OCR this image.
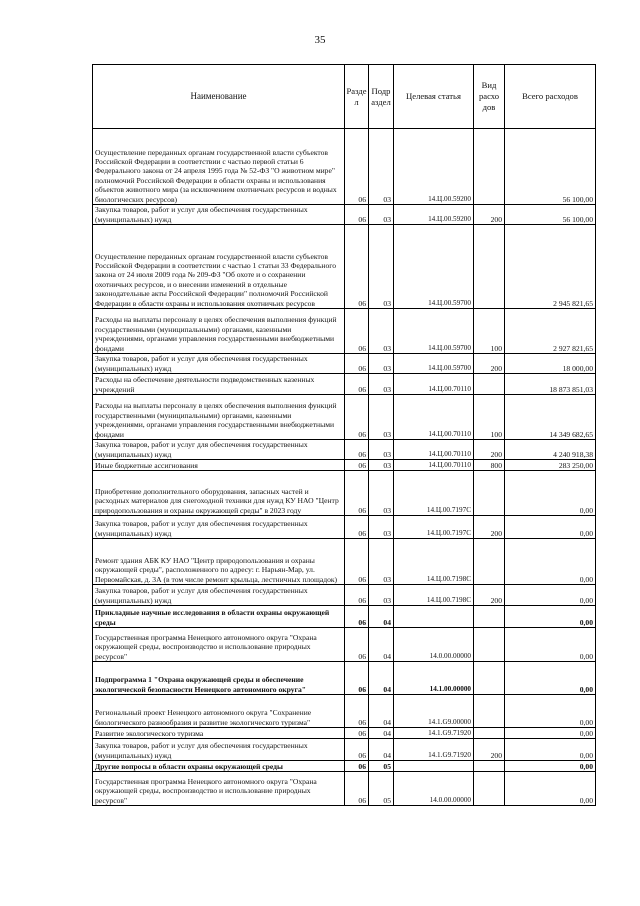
35
Наименование	Разде л	Подр аздел	Целевая статья	Вид расхо дов	Всего расходов
Осуществление переданных органам государственной власти субъектов Российской Федерации в соответствии с частью первой статьи 6 Федерального закона от 24 апреля 1995 года № 52-ФЗ "О животном мире" полномочий Российской Федерации в области охраны и использования объектов животного мира (за исключением охотничьих ресурсов и водных биологических ресурсов)	06	03	14.Ц.00.59200		56 100,00
Закупка товаров, работ и услуг для обеспечения государственных (муниципальных) нужд	06	03	14.Ц.00.59200	200	56 100,00
Осуществление переданных органам государственной власти субъектов Российской Федерации в соответствии с частью 1 статьи 33 Федерального закона от 24 июля 2009 года № 209-ФЗ "Об охоте и о сохранении охотничьих ресурсов, и о внесении изменений в отдельные законодательные акты Российской Федерации" полномочий Российской Федерации в области охраны и использования охотничьих ресурсов	06	03	14.Ц.00.59700		2 945 821,65
Расходы на выплаты персоналу в целях обеспечения выполнения функций государственными (муниципальными) органами, казенными учреждениями, органами управления государственными внебюджетными фондами	06	03	14.Ц.00.59700	100	2 927 821,65
Закупка товаров, работ и услуг для обеспечения государственных (муниципальных) нужд	06	03	14.Ц.00.59700	200	18 000,00
Расходы на обеспечение деятельности подведомственных казенных учреждений	06	03	14.Ц.00.70110		18 873 851,03
Расходы на выплаты персоналу в целях обеспечения выполнения функций государственными (муниципальными) органами, казенными учреждениями, органами управления государственными внебюджетными фондами	06	03	14.Ц.00.70110	100	14 349 682,65
Закупка товаров, работ и услуг для обеспечения государственных (муниципальных) нужд	06	03	14.Ц.00.70110	200	4 240 918,38
Иные бюджетные ассигнования	06	03	14.Ц.00.70110	800	283 250,00
Приобретение дополнительного оборудования, запасных частей и расходных материалов для снегоходной техники для нужд КУ НАО "Центр природопользования и охраны окружающей среды" в 2023 году	06	03	14.Ц.00.7197С		0,00
Закупка товаров, работ и услуг для обеспечения государственных (муниципальных) нужд	06	03	14.Ц.00.7197С	200	0,00
Ремонт здания АБК КУ НАО "Центр природопользования и охраны окружающей среды", расположенного по адресу: г. Нарьян-Мар, ул. Первомайская, д. 3А (в том числе ремонт крыльца, лестничных площадок)	06	03	14.Ц.00.7198С		0,00
Закупка товаров, работ и услуг для обеспечения государственных (муниципальных) нужд	06	03	14.Ц.00.7198С	200	0,00
Прикладные научные исследования в области охраны окружающей среды	06	04			0,00
Государственная программа Ненецкого автономного округа "Охрана окружающей среды, воспроизводство и использование природных ресурсов"	06	04	14.0.00.00000		0,00
Подпрограмма 1 "Охрана окружающей среды и обеспечение экологической безопасности Ненецкого автономного округа"	06	04	14.1.00.00000		0,00
Региональный проект Ненецкого автономного округа "Сохранение биологического разнообразия и развитие экологического туризма"	06	04	14.1.G9.00000		0,00
Развитие экологического туризма	06	04	14.1.G9.71920		0,00
Закупка товаров, работ и услуг для обеспечения государственных (муниципальных) нужд	06	04	14.1.G9.71920	200	0,00
Другие вопросы в области охраны окружающей среды	06	05			0,00
Государственная программа Ненецкого автономного округа "Охрана окружающей среды, воспроизводство и использование природных ресурсов"	06	05	14.0.00.00000		0,00
